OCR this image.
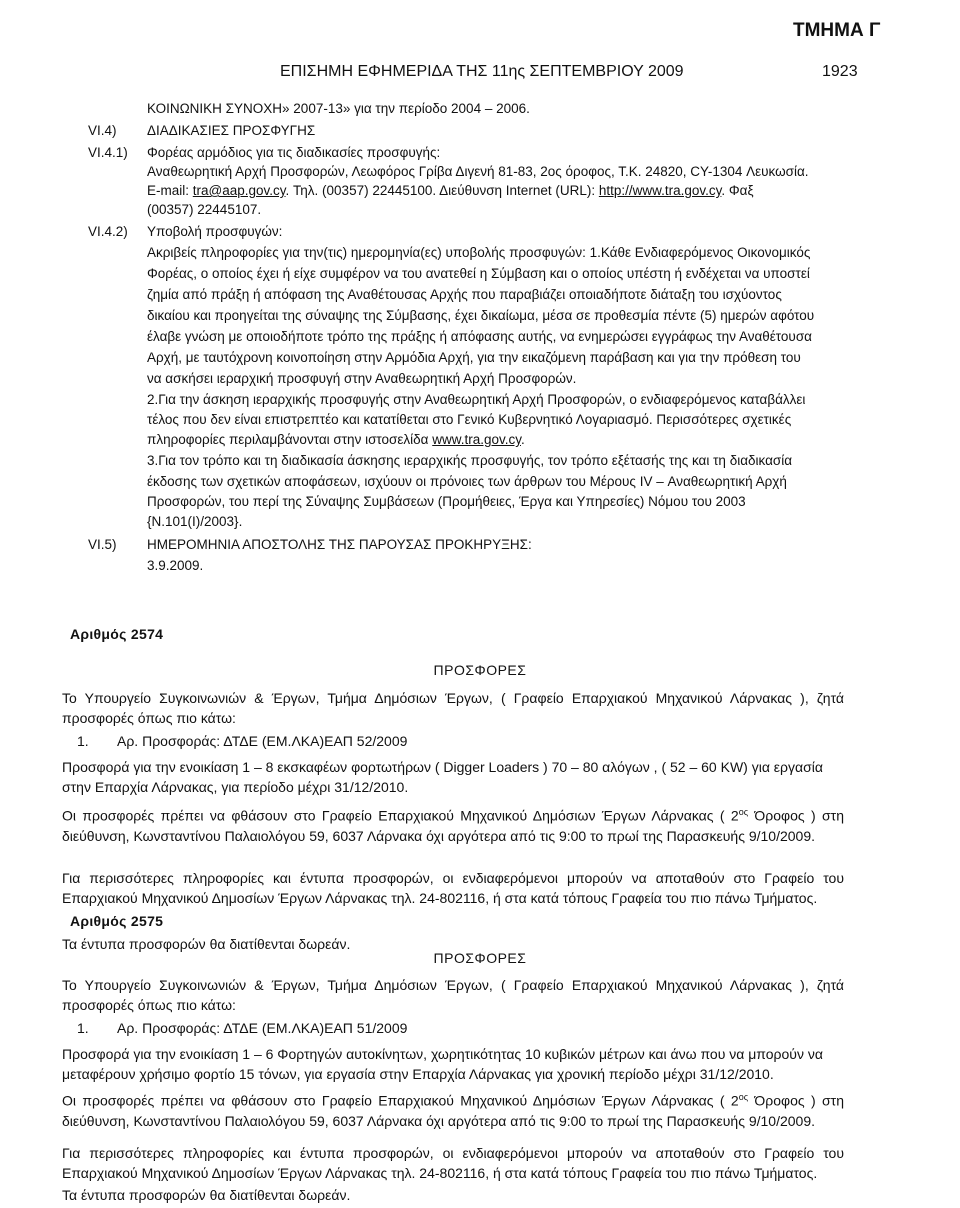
ΤΜΗΜΑ Γ
ΕΠΙΣΗΜΗ ΕΦΗΜΕΡΙΔΑ ΤΗΣ 11ης ΣΕΠΤΕΜΒΡΙΟΥ 2009	1923
ΚΟΙΝΩΝΙΚΗ ΣΥΝΟΧΗ» 2007-13» για την περίοδο 2004 – 2006.
VI.4) ΔΙΑΔΙΚΑΣΙΕΣ ΠΡΟΣΦΥΓΗΣ
VI.4.1) Φορέας αρμόδιος για τις διαδικασίες προσφυγής:
Αναθεωρητική Αρχή Προσφορών, Λεωφόρος Γρίβα Διγενή 81-83, 2ος όροφος, Τ.Κ. 24820, CY-1304 Λευκωσία.
E-mail: tra@aap.gov.cy. Τηλ. (00357) 22445100. Διεύθυνση Internet (URL): http://www.tra.gov.cy. Φαξ
(00357) 22445107.
VI.4.2) Υποβολή προσφυγών:
Ακριβείς πληροφορίες για την(τις) ημερομηνία(ες) υποβολής προσφυγών: 1.Κάθε Ενδιαφερόμενος Οικονομικός
Φορέας, ο οποίος έχει ή είχε συμφέρον να του ανατεθεί η Σύμβαση και ο οποίος υπέστη ή ενδέχεται να υποστεί
ζημία από πράξη ή απόφαση της Αναθέτουσας Αρχής που παραβιάζει οποιαδήποτε διάταξη του ισχύοντος
δικαίου και προηγείται της σύναψης της Σύμβασης, έχει δικαίωμα, μέσα σε προθεσμία πέντε (5) ημερών αφότου
έλαβε γνώση με οποιοδήποτε τρόπο της πράξης ή απόφασης αυτής, να ενημερώσει εγγράφως την Αναθέτουσα
Αρχή, με ταυτόχρονη κοινοποίηση στην Αρμόδια Αρχή, για την εικαζόμενη παράβαση και για την πρόθεση του
να ασκήσει ιεραρχική προσφυγή στην Αναθεωρητική Αρχή Προσφορών.
2.Για την άσκηση ιεραρχικής προσφυγής στην Αναθεωρητική Αρχή Προσφορών, ο ενδιαφερόμενος καταβάλλει
τέλος που δεν είναι επιστρεπτέο και κατατίθεται στο Γενικό Κυβερνητικό Λογαριασμό. Περισσότερες σχετικές
πληροφορίες περιλαμβάνονται στην ιστοσελίδα www.tra.gov.cy.
3.Για τον τρόπο και τη διαδικασία άσκησης ιεραρχικής προσφυγής, τον τρόπο εξέτασής της και τη διαδικασία
έκδοσης των σχετικών αποφάσεων, ισχύουν οι πρόνοιες των άρθρων του Μέρους IV – Αναθεωρητική Αρχή
Προσφορών, του περί της Σύναψης Συμβάσεων (Προμήθειες, Έργα και Υπηρεσίες) Νόμου του 2003
{Ν.101(Ι)/2003}.
VI.5) ΗΜΕΡΟΜΗΝΙΑ ΑΠΟΣΤΟΛΗΣ ΤΗΣ ΠΑΡΟΥΣΑΣ ΠΡΟΚΗΡΥΞΗΣ:
3.9.2009.
Αριθμός 2574
ΠΡΟΣΦΟΡΕΣ
Το Υπουργείο Συγκοινωνιών & Έργων, Τμήμα Δημόσιων Έργων, ( Γραφείο Επαρχιακού Μηχανικού Λάρνακας ), ζητά προσφορές όπως πιο κάτω:
1. Αρ. Προσφοράς: ΔΤΔΕ (ΕΜ.ΛΚΑ)ΕΑΠ 52/2009
Προσφορά για την ενοικίαση 1 – 8 εκσκαφέων φορτωτήρων ( Digger Loaders ) 70 – 80 αλόγων , ( 52 – 60 KW) για εργασία στην Επαρχία Λάρνακας, για περίοδο μέχρι 31/12/2010.
Οι προσφορές πρέπει να φθάσουν στο Γραφείο Επαρχιακού Μηχανικού Δημόσιων Έργων Λάρνακας ( $2^{o\varsigma}$ Όροφος ) στη διεύθυνση, Κωνσταντίνου Παλαιολόγου 59, 6037 Λάρνακα όχι αργότερα από τις 9:00 το πρωί της Παρασκευής 9/10/2009.
Για περισσότερες πληροφορίες και έντυπα προσφορών, οι ενδιαφερόμενοι μπορούν να αποταθούν στο Γραφείο του Επαρχιακού Μηχανικού Δημοσίων Έργων Λάρνακας τηλ. 24-802116, ή στα κατά τόπους Γραφεία του πιο πάνω Τμήματος.
Τα έντυπα προσφορών θα διατίθενται δωρεάν.
Αριθμός 2575
ΠΡΟΣΦΟΡΕΣ
Το Υπουργείο Συγκοινωνιών & Έργων, Τμήμα Δημόσιων Έργων, ( Γραφείο Επαρχιακού Μηχανικού Λάρνακας ), ζητά προσφορές όπως πιο κάτω:
1. Αρ. Προσφοράς: ΔΤΔΕ (ΕΜ.ΛΚΑ)ΕΑΠ 51/2009
Προσφορά για την ενοικίαση 1 – 6 Φορτηγών αυτοκίνητων, χωρητικότητας 10 κυβικών μέτρων και άνω που να μπορούν να μεταφέρουν χρήσιμο φορτίο 15 τόνων, για εργασία στην Επαρχία Λάρνακας για χρονική περίοδο μέχρι 31/12/2010.
Οι προσφορές πρέπει να φθάσουν στο Γραφείο Επαρχιακού Μηχανικού Δημόσιων Έργων Λάρνακας ( $2^{o\varsigma}$ Όροφος ) στη διεύθυνση, Κωνσταντίνου Παλαιολόγου 59, 6037 Λάρνακα όχι αργότερα από τις 9:00 το πρωί της Παρασκευής 9/10/2009.
Για περισσότερες πληροφορίες και έντυπα προσφορών, οι ενδιαφερόμενοι μπορούν να αποταθούν στο Γραφείο του Επαρχιακού Μηχανικού Δημοσίων Έργων Λάρνακας τηλ. 24-802116, ή στα κατά τόπους Γραφεία του πιο πάνω Τμήματος.
Τα έντυπα προσφορών θα διατίθενται δωρεάν.
